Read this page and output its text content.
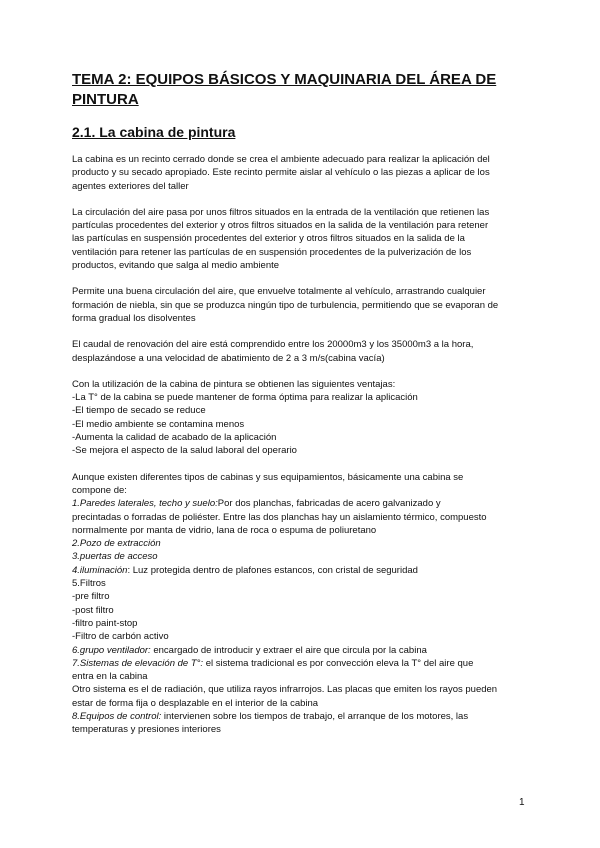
TEMA 2: EQUIPOS BÁSICOS Y MAQUINARIA DEL ÁREA DE PINTURA
2.1. La cabina de pintura

La cabina es un recinto cerrado donde se crea el ambiente adecuado para realizar la aplicación del
producto y su secado apropiado. Este recinto permite aislar al vehículo o las piezas a aplicar de los
agentes exteriores del taller

La circulación del aire pasa por unos filtros situados en la entrada de la ventilación que retienen las
partículas procedentes del exterior y otros filtros situados en la salida de la ventilación para retener
las partículas en suspensión procedentes del exterior y otros filtros situados en la salida de la
ventilación para retener las partículas de en suspensión procedentes de la pulverización de los
productos, evitando que salga al medio ambiente

Permite una buena circulación del aire, que envuelve totalmente al vehículo, arrastrando cualquier
formación de niebla, sin que se produzca ningún tipo de turbulencia, permitiendo que se evaporan de
forma gradual los disolventes

El caudal de renovación del aire está comprendido entre los 20000m3 y los 35000m3 a la hora,
desplazándose a una velocidad de abatimiento de 2 a 3 m/s(cabina vacía)

Con la utilización de la cabina de pintura se obtienen las siguientes ventajas:
-La T° de la cabina se puede mantener de forma óptima para realizar la aplicación
-El tiempo de secado se reduce
-El medio ambiente se contamina menos
-Aumenta la calidad de acabado de la aplicación
-Se mejora el aspecto de la salud laboral del operario

Aunque existen diferentes tipos de cabinas y sus equipamientos, básicamente una cabina se
compone de:
1.Paredes laterales, techo y suelo:Por dos planchas, fabricadas de acero galvanizado y
precintadas o forradas de poliéster. Entre las dos planchas hay un aislamiento térmico, compuesto
normalmente por manta de vidrio, lana de roca o espuma de poliuretano
2.Pozo de extracción
3.puertas de acceso
4.iluminación: Luz protegida dentro de plafones estancos, con cristal de seguridad
5.Filtros
-pre filtro
-post filtro
-filtro paint-stop
-Filtro de carbón activo
6.grupo ventilador: encargado de introducir y extraer el aire que circula por la cabina
7.Sistemas de elevación de T°: el sistema tradicional es por convección eleva la T° del aire que
entra en la cabina
Otro sistema es el de radiación, que utiliza rayos infrarrojos. Las placas que emiten los rayos pueden
estar de forma fija o desplazable en el interior de la cabina
8.Equipos de control: intervienen sobre los tiempos de trabajo, el arranque de los motores, las
temperaturas y presiones interiores

1
